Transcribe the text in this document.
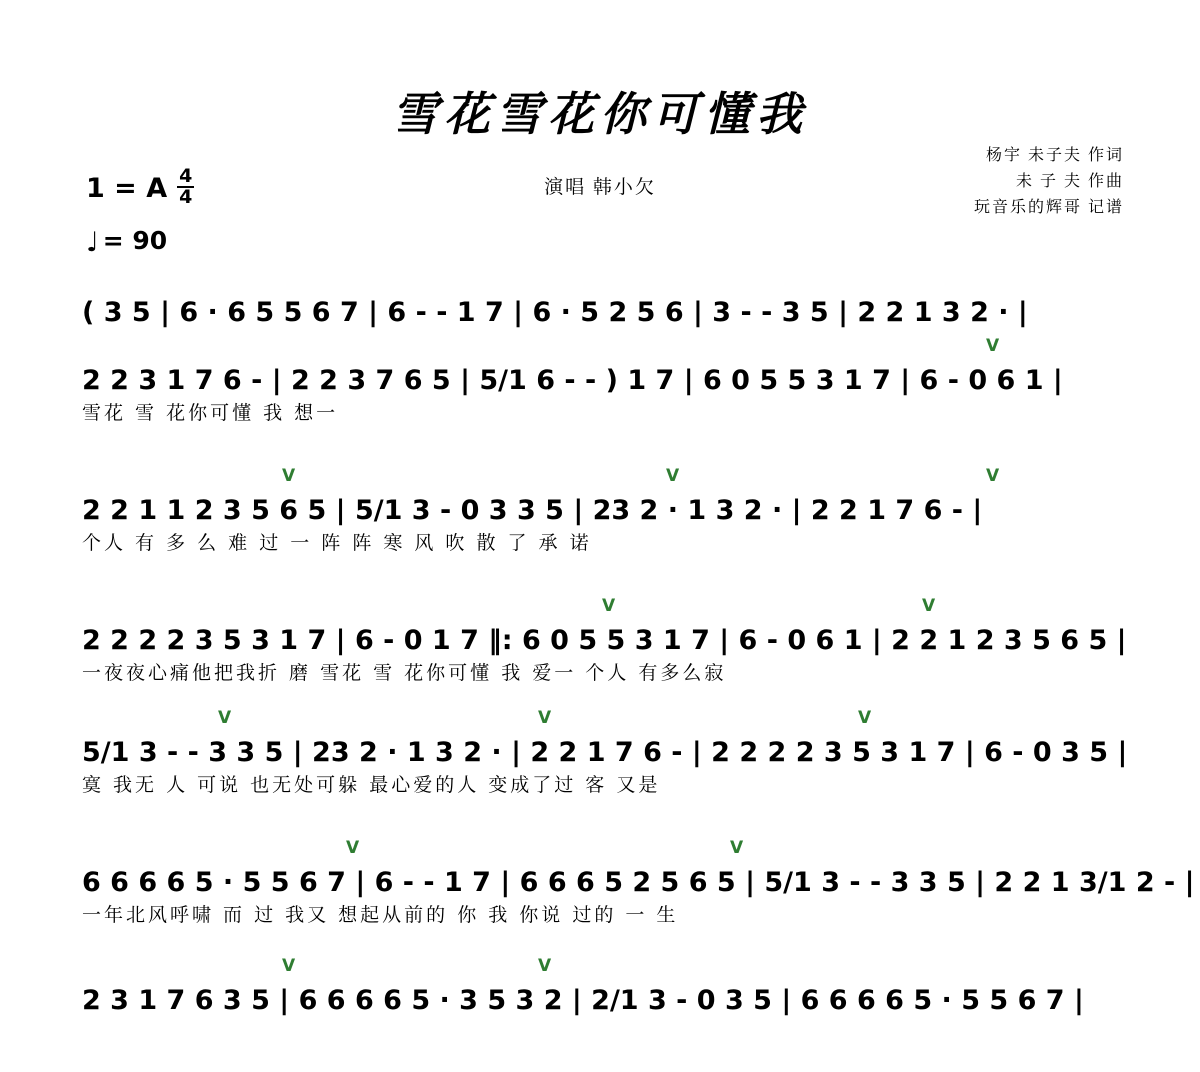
雪花雪花你可懂我
演唱 韩小欠
杨宇 未子夫 作词
未 子 夫 作曲
玩音乐的辉哥 记谱
1 = A $\frac{4}{4}$
♩ = 90
( 3 5 | 6 · 6 5 5 6 7 | 6 - - 1 7 | 6 · 5 2 5 6 | 3 - - 3 5 | 2 2 1 3 2 · |
2 2 3 1 7 6 - | 2 2 3 7 6 5 | 5/1 6 - - ) 1 7 | 6 0 5 5 3 1 7 | 6 - 0 6 1 |
雪花 雪 花你可懂 我 想一
V
2 2 1 1 2 3 5 6 5 | 5/1 3 - 0 3 3 5 | 23 2 · 1 3 2 · | 2 2 1 7 6 - |
个人 有 多 么 难 过 一 阵 阵 寒 风 吹 散 了 承 诺
V	V	V
2 2 2 2 3 5 3 1 7 | 6 - 0 1 7 ‖: 6 0 5 5 3 1 7 | 6 - 0 6 1 | 2 2 1 2 3 5 6 5 |
一夜夜心痛他把我折 磨 雪花 雪 花你可懂 我 爱一 个人 有多么寂
V	V
5/1 3 - - 3 3 5 | 23 2 · 1 3 2 · | 2 2 1 7 6 - | 2 2 2 2 3 5 3 1 7 | 6 - 0 3 5 |
寞 我无 人 可说 也无处可躲 最心爱的人 变成了过 客 又是
V	V	V
6 6 6 6 5 · 5 5 6 7 | 6 - - 1 7 | 6 6 6 5 2 5 6 5 | 5/1 3 - - 3 3 5 | 2 2 1 3/1 2 - |
一年北风呼啸 而 过 我又 想起从前的 你 我 你说 过的 一 生
V	V
2 3 1 7 6 3 5 | 6 6 6 6 5 · 3 5 3 2 | 2/1 3 - 0 3 5 | 6 6 6 6 5 · 5 5 6 7 |
V	V
